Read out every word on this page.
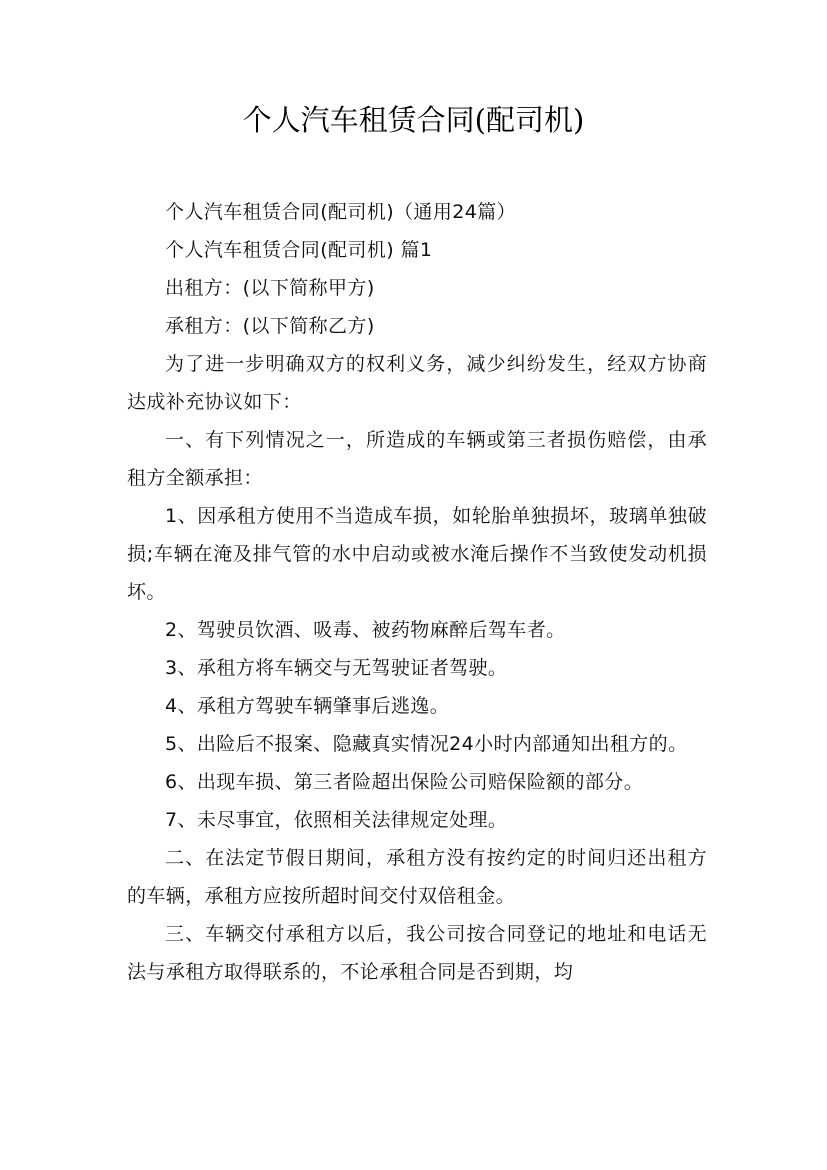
个人汽车租赁合同(配司机)

个人汽车租赁合同(配司机)（通用24篇）

个人汽车租赁合同(配司机) 篇1

出租方：(以下简称甲方)

承租方：(以下简称乙方)

为了进一步明确双方的权利义务，减少纠纷发生，经双方协商达成补充协议如下：

一、有下列情况之一，所造成的车辆或第三者损伤赔偿，由承租方全额承担：

1、因承租方使用不当造成车损，如轮胎单独损坏，玻璃单独破损;车辆在淹及排气管的水中启动或被水淹后操作不当致使发动机损坏。

2、驾驶员饮酒、吸毒、被药物麻醉后驾车者。

3、承租方将车辆交与无驾驶证者驾驶。

4、承租方驾驶车辆肇事后逃逸。

5、出险后不报案、隐藏真实情况24小时内部通知出租方的。

6、出现车损、第三者险超出保险公司赔保险额的部分。

7、未尽事宜，依照相关法律规定处理。

二、在法定节假日期间，承租方没有按约定的时间归还出租方的车辆，承租方应按所超时间交付双倍租金。

三、车辆交付承租方以后，我公司按合同登记的地址和电话无法与承租方取得联系的，不论承租合同是否到期，均
